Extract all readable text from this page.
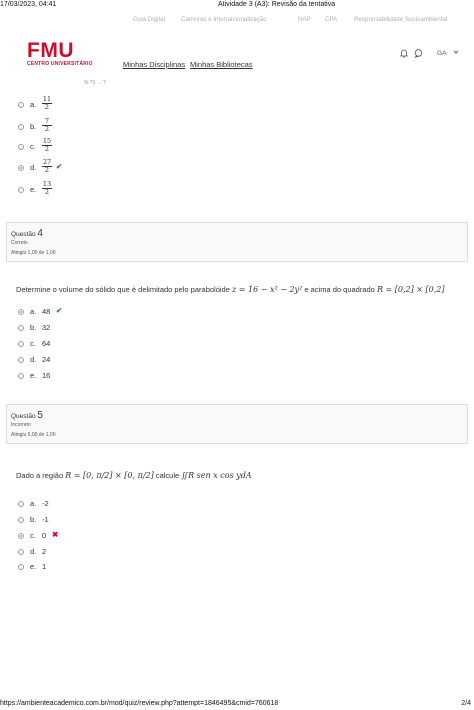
17/03/2023, 04:41	Atividade 3 (A3): Revisão da tentativa
Guia Digital	Carreiras e Internacionalização	NAP CPA	Responsabilidade Socioambiental
FMU
CENTRO UNIVERSITÁRIO	Minhas Disciplinas Minhas Bibliotecas
GA
% ?1 → ?
a. $\frac{11}{2}$
b. $\frac{7}{2}$
c. $\frac{15}{2}$
d. $\frac{27}{2}$ ✔
e. $\frac{13}{2}$
Questão 4
Correto
Atingiu 1,00 de 1,00
Determine o volume do sólido que é delimitado pelo parabolóide z = 16 − x² − 2y² e acima do quadrado R = [0,2] × [0,2]
a. 48 ✔
b. 32
c. 64
d. 24
e. 16
Questão 5
Incorreto
Atingiu 0,00 de 1,00
Dado a região R = [0, π/2] × [0, π/2] calcule ∬R sen x cos ydA
a. -2
b. -1
c. 0 ✖
d. 2
e. 1
https://ambienteacademico.com.br/mod/quiz/review.php?attempt=1846495&cmid=760618	2/4
